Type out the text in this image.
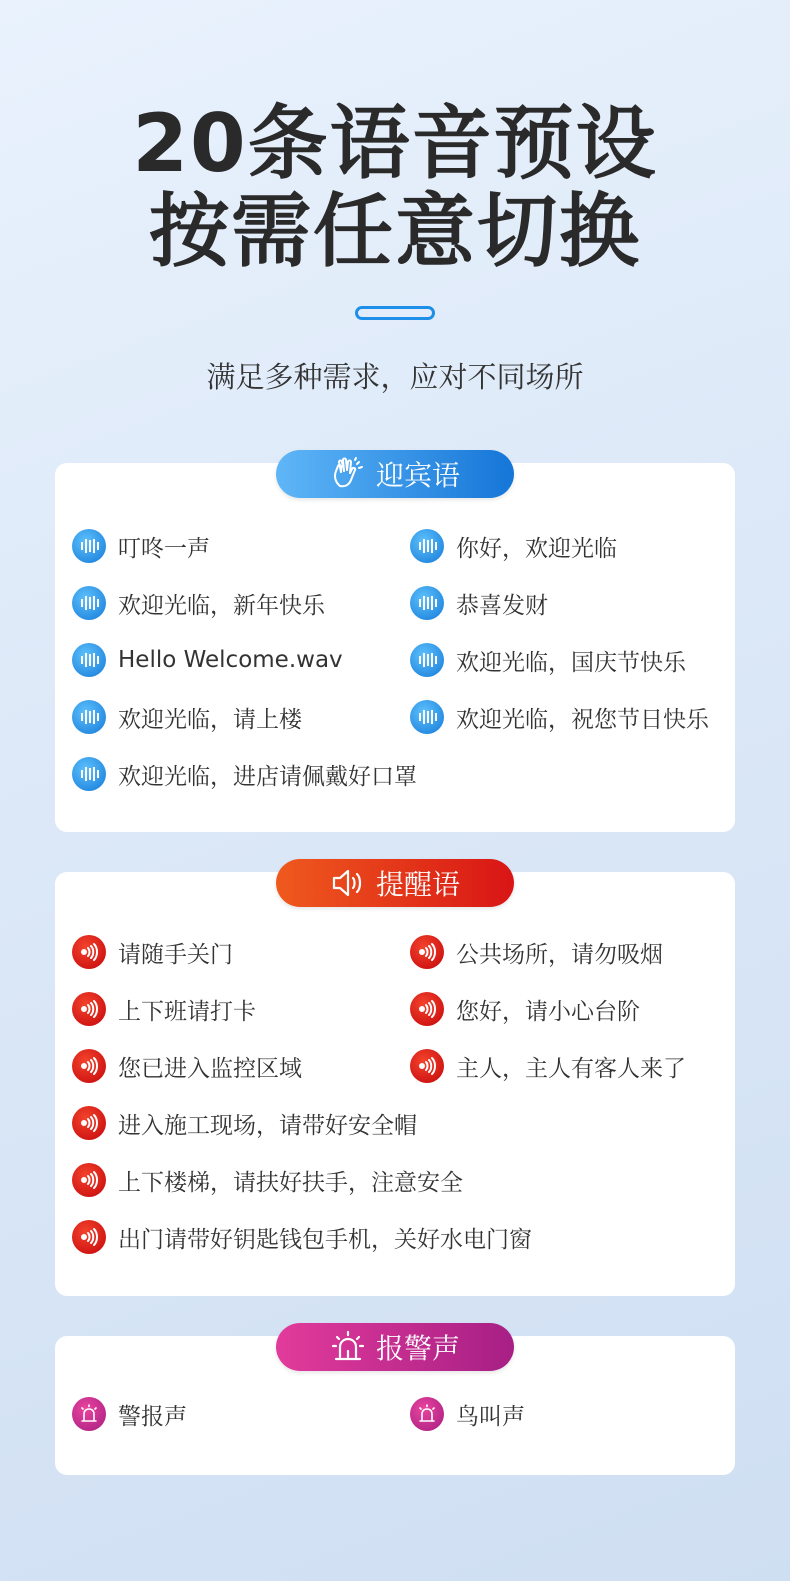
20条语音预设
按需任意切换
满足多种需求，应对不同场所
迎宾语
叮咚一声	你好，欢迎光临
欢迎光临，新年快乐	恭喜发财
Hello Welcome.wav	欢迎光临，国庆节快乐
欢迎光临，请上楼	欢迎光临，祝您节日快乐
欢迎光临，进店请佩戴好口罩
提醒语
请随手关门	公共场所，请勿吸烟
上下班请打卡	您好，请小心台阶
您已进入监控区域	主人，主人有客人来了
进入施工现场，请带好安全帽
上下楼梯，请扶好扶手，注意安全
出门请带好钥匙钱包手机，关好水电门窗
报警声
警报声	鸟叫声
